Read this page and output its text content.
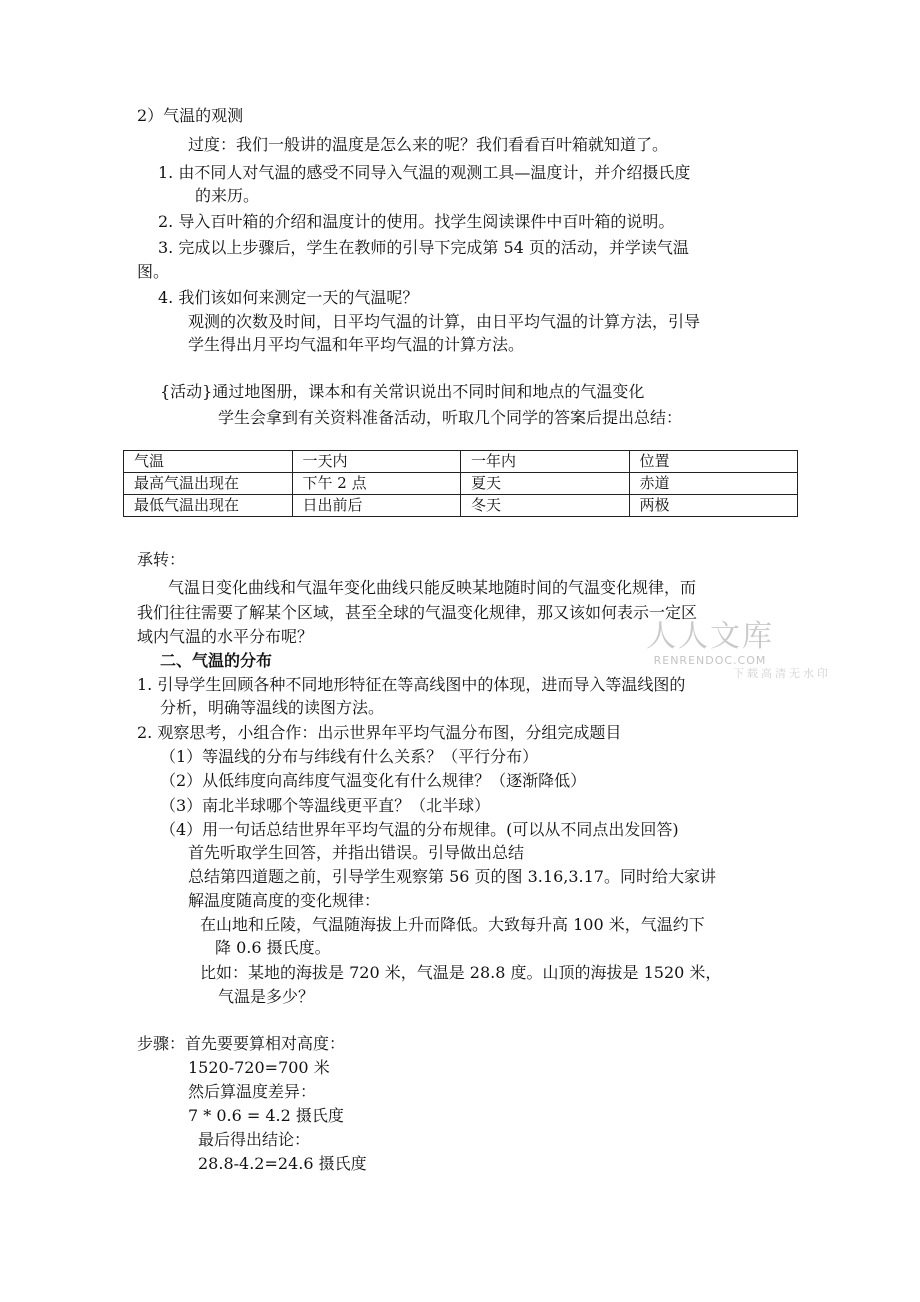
2）气温的观测
过度：我们一般讲的温度是怎么来的呢？我们看看百叶箱就知道了。
1. 由不同人对气温的感受不同导入气温的观测工具—温度计，并介绍摄氏度
的来历。
2. 导入百叶箱的介绍和温度计的使用。找学生阅读课件中百叶箱的说明。
3. 完成以上步骤后，学生在教师的引导下完成第 54 页的活动，并学读气温
图。
4. 我们该如何来测定一天的气温呢？
观测的次数及时间，日平均气温的计算，由日平均气温的计算方法，引导
学生得出月平均气温和年平均气温的计算方法。
{活动}通过地图册，课本和有关常识说出不同时间和地点的气温变化
学生会拿到有关资料准备活动，听取几个同学的答案后提出总结：
气温	一天内	一年内	位置
最高气温出现在	下午 2 点	夏天	赤道
最低气温出现在	日出前后	冬天	两极
承转：
气温日变化曲线和气温年变化曲线只能反映某地随时间的气温变化规律，而
我们往往需要了解某个区域，甚至全球的气温变化规律，那又该如何表示一定区
域内气温的水平分布呢？
二、气温的分布
1. 引导学生回顾各种不同地形特征在等高线图中的体现，进而导入等温线图的
分析，明确等温线的读图方法。
2. 观察思考，小组合作：出示世界年平均气温分布图，分组完成题目
（1）等温线的分布与纬线有什么关系？（平行分布）
（2）从低纬度向高纬度气温变化有什么规律？（逐渐降低）
（3）南北半球哪个等温线更平直？（北半球）
（4）用一句话总结世界年平均气温的分布规律。(可以从不同点出发回答)
首先听取学生回答，并指出错误。引导做出总结
总结第四道题之前，引导学生观察第 56 页的图 3.16,3.17。同时给大家讲
解温度随高度的变化规律：
在山地和丘陵，气温随海拔上升而降低。大致每升高 100 米，气温约下
降 0.6 摄氏度。
比如：某地的海拔是 720 米，气温是 28.8 度。山顶的海拔是 1520 米，
气温是多少？
步骤：首先要要算相对高度：
1520-720=700 米
然后算温度差异：
7 * 0.6 = 4.2 摄氏度
最后得出结论：
28.8-4.2=24.6 摄氏度
人人文库
RENRENDOC.COM
下载高清无水印
